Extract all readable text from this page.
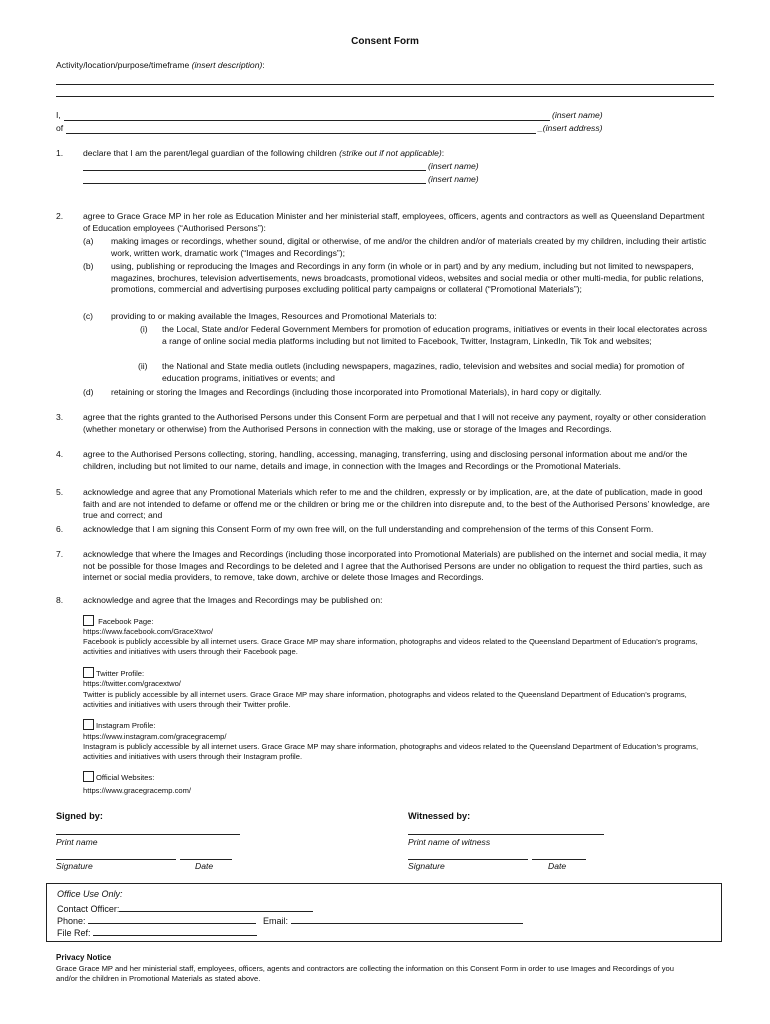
Consent Form
Activity/location/purpose/timeframe (insert description):
I,	(insert name)
of	_(insert address)
1.	declare that I am the parent/legal guardian of the following children (strike out if not applicable):
(insert name)
(insert name)
2.	agree to Grace Grace MP in her role as Education Minister and her ministerial staff, employees, officers, agents and contractors as well as Queensland Department of Education employees (“Authorised Persons”):
(a)	making images or recordings, whether sound, digital or otherwise, of me and/or the children and/or of materials created by my children, including their artistic work, written work, dramatic work (“Images and Recordings”);
(b)	using, publishing or reproducing the Images and Recordings in any form (in whole or in part) and by any medium, including but not limited to newspapers, magazines, brochures, television advertisements, news broadcasts, promotional videos, websites and social media or other multi-media, for public relations, promotions, commercial and advertising purposes excluding political party campaigns or collateral (“Promotional Materials”);
(c)	providing to or making available the Images, Resources and Promotional Materials to:
(i)	the Local, State and/or Federal Government Members for promotion of education programs, initiatives or events in their local electorates across a range of online social media platforms including but not limited to Facebook, Twitter, Instagram, LinkedIn, Tik Tok and websites;
(ii)	the National and State media outlets (including newspapers, magazines, radio, television and websites and social media) for promotion of education programs, initiatives or events; and
(d)	retaining or storing the Images and Recordings (including those incorporated into Promotional Materials), in hard copy or digitally.
3.	agree that the rights granted to the Authorised Persons under this Consent Form are perpetual and that I will not receive any payment, royalty or other consideration (whether monetary or otherwise) from the Authorised Persons in connection with the making, use or storage of the Images and Recordings.
4.	agree to the Authorised Persons collecting, storing, handling, accessing, managing, transferring, using and disclosing personal information about me and/or the children, including but not limited to our name, details and image, in connection with the Images and Recordings or the Promotional Materials.
5.	acknowledge and agree that any Promotional Materials which refer to me and the children, expressly or by implication, are, at the date of publication, made in good faith and are not intended to defame or offend me or the children or bring me or the children into disrepute and, to the best of the Authorised Persons’ knowledge, are true and correct; and
6.	acknowledge that I am signing this Consent Form of my own free will, on the full understanding and comprehension of the terms of this Consent Form.
7.	acknowledge that where the Images and Recordings (including those incorporated into Promotional Materials) are published on the internet and social media, it may not be possible for those Images and Recordings to be deleted and I agree that the Authorised Persons are under no obligation to request the third parties, such as internet or social media providers, to remove, take down, archive or delete those Images and Recordings.
8.	acknowledge and agree that the Images and Recordings may be published on:
Facebook Page:
https://www.facebook.com/GraceXtwo/
Facebook is publicly accessible by all internet users. Grace Grace MP may share information, photographs and videos related to the Queensland Department of Education’s programs, activities and initiatives with users through their Facebook page.
Twitter Profile:
https://twitter.com/gracextwo/
Twitter is publicly accessible by all internet users. Grace Grace MP may share information, photographs and videos related to the Queensland Department of Education’s programs, activities and initiatives with users through their Twitter profile.
Instagram Profile:
https://www.instagram.com/gracegracemp/
Instagram is publicly accessible by all internet users. Grace Grace MP may share information, photographs and videos related to the Queensland Department of Education’s programs, activities and initiatives with users through their Instagram profile.
Official Websites:
https://www.gracegracemp.com/
Signed by:
Print name
Signature	Date
Witnessed by:
Print name of witness
Signature	Date
Office Use Only:
Contact Officer:
Phone:	Email:
File Ref:
Privacy Notice
Grace Grace MP and her ministerial staff, employees, officers, agents and contractors are collecting the information on this Consent Form in order to use Images and Recordings of you and/or the children in Promotional Materials as stated above.
